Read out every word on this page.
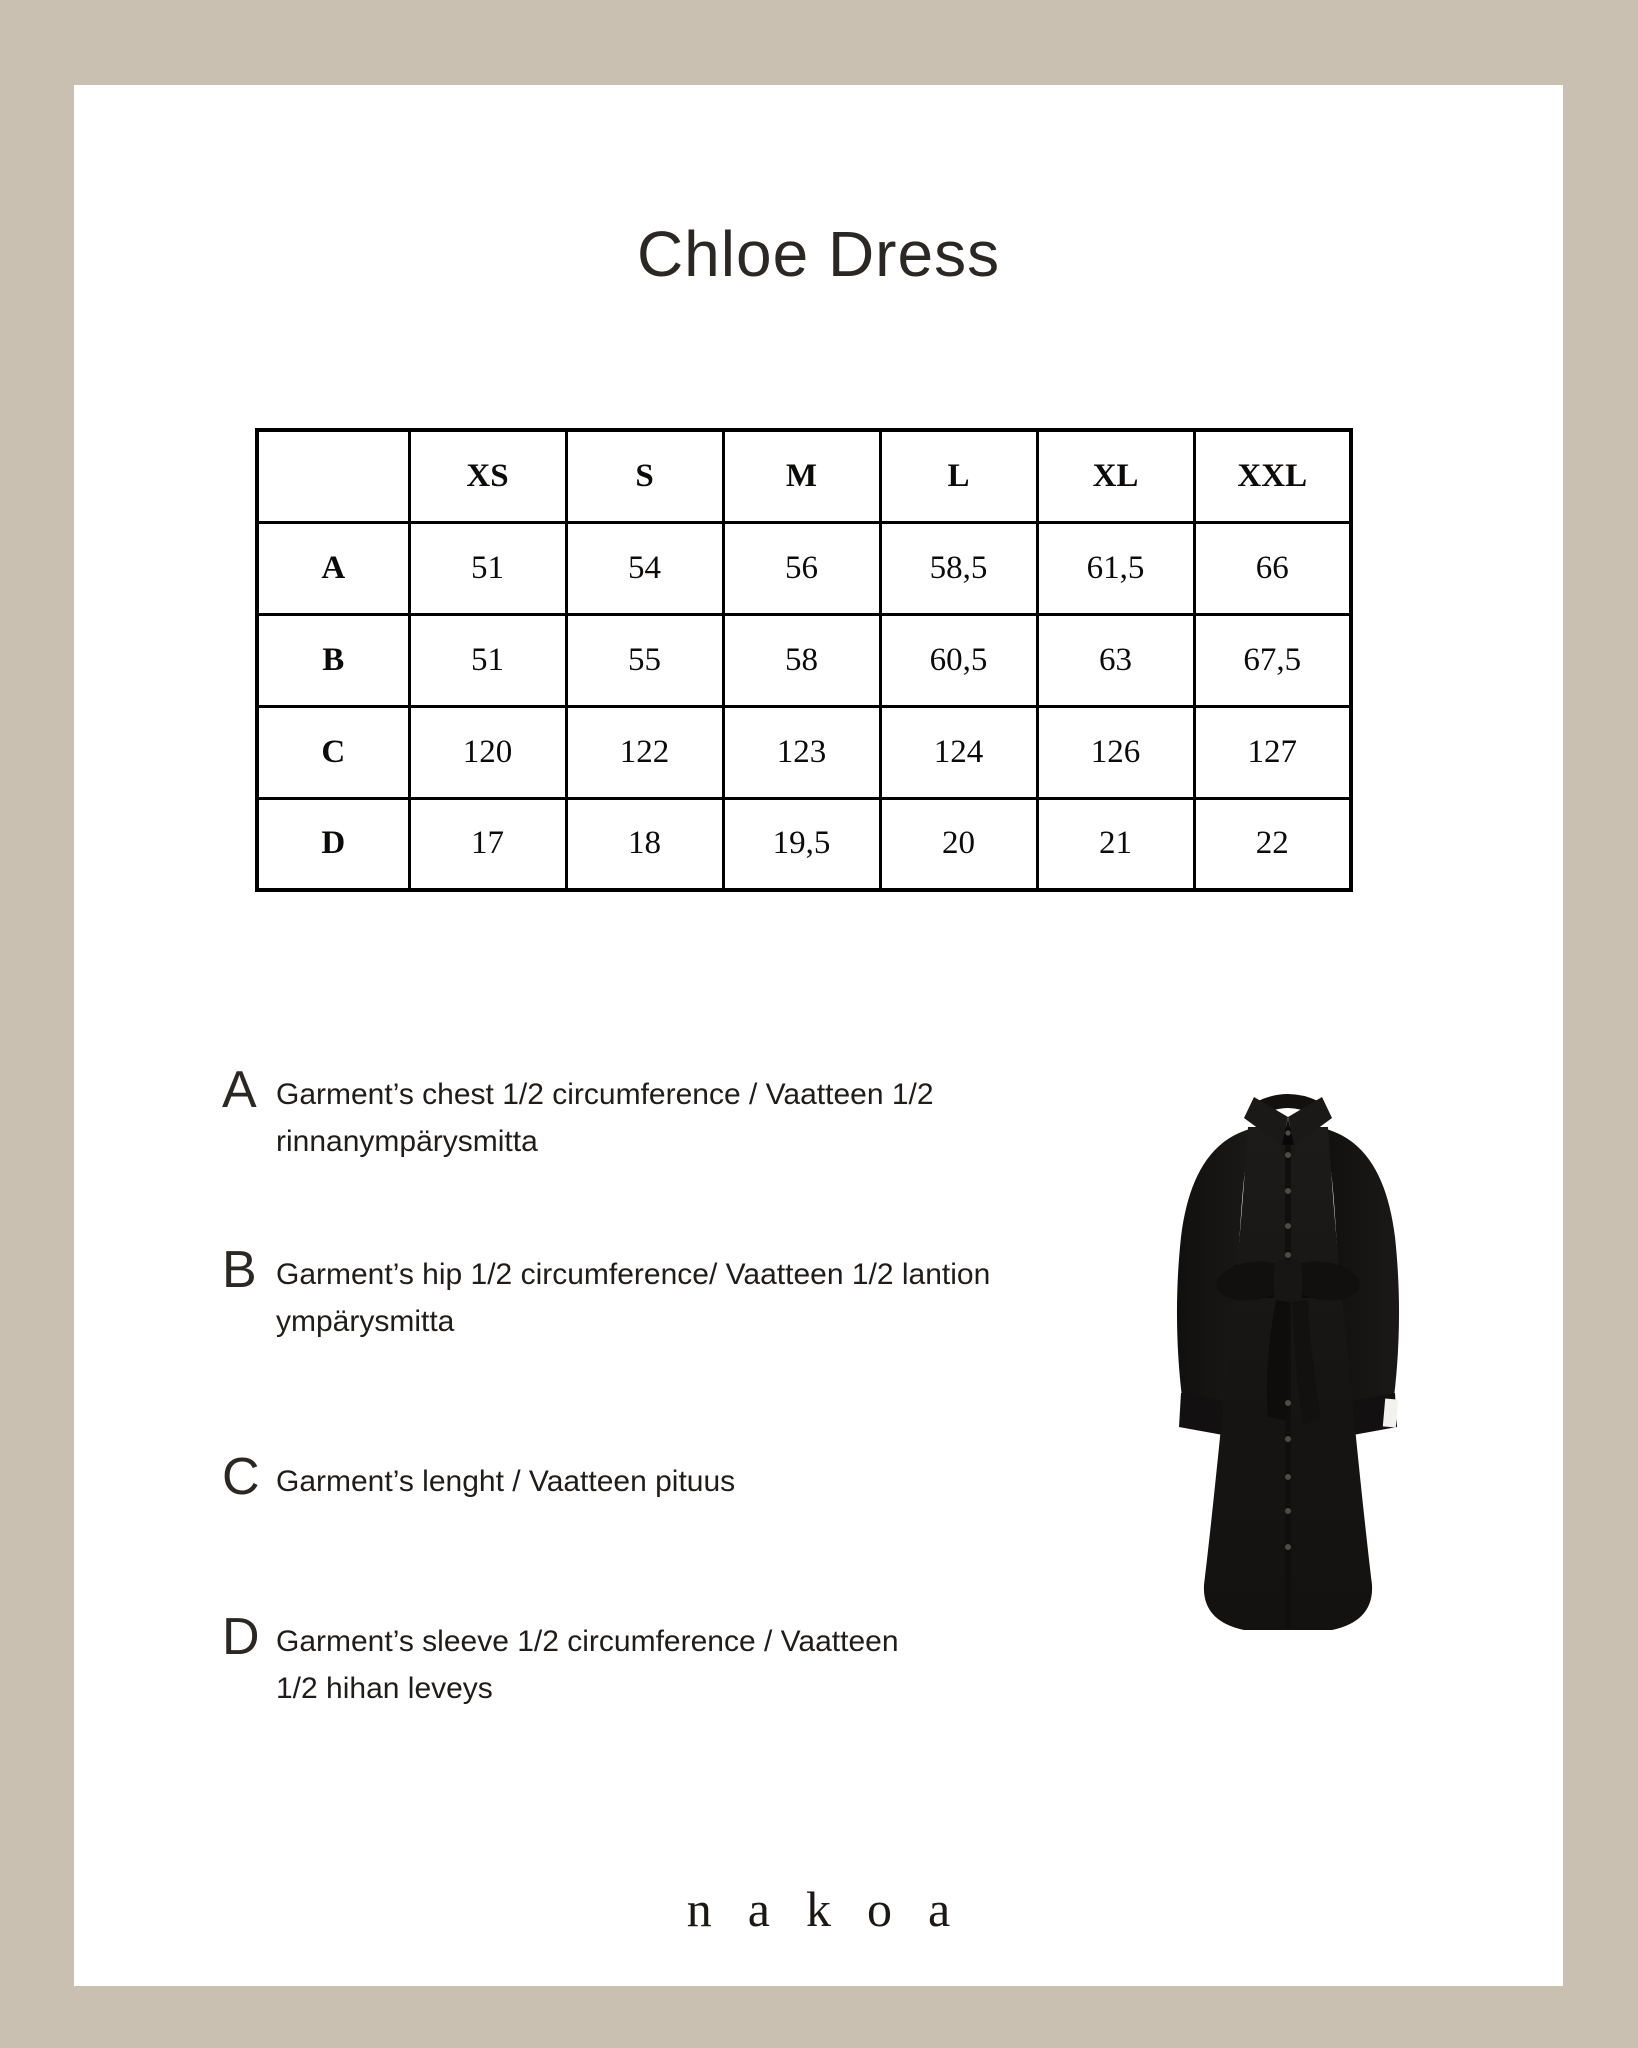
Chloe Dress
	XS	S	M	L	XL	XXL
A	51	54	56	58,5	61,5	66
B	51	55	58	60,5	63	67,5
C	120	122	123	124	126	127
D	17	18	19,5	20	21	22
A Garment’s chest 1/2 circumference / Vaatteen 1/2
rinnanympärysmitta
B Garment’s hip 1/2 circumference/ Vaatteen 1/2 lantion
ympärysmitta
C Garment’s lenght / Vaatteen pituus
D Garment’s sleeve 1/2 circumference / Vaatteen
1/2 hihan leveys
nakoa
